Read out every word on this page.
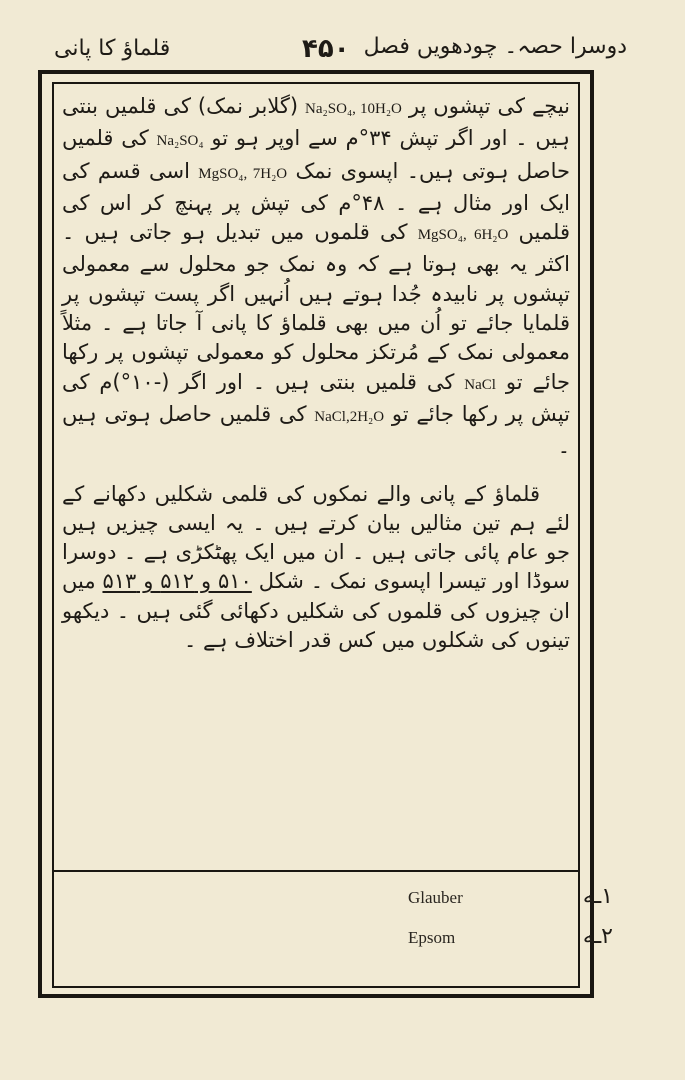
قلماؤ کا پانی	۴۵۰ دوسرا حصہ۔ چودھویں فصل

نیچے کی تپشوں پر Na₂SO₄, 10H₂O (گلابر نمک) کی قلمیں بنتی ہیں ۔ اور اگر تپش ۳۴°م سے اوپر ہو تو Na₂SO₄ کی قلمیں حاصل ہوتی ہیں۔ اپسوی نمک MgSO₄, 7H₂O اسی قسم کی ایک اور مثال ہے ۔ ۴۸°م کی تپش پر پہنچ کر اس کی قلمیں MgSO₄, 6H₂O کی قلموں میں تبدیل ہو جاتی ہیں ۔ اکثر یہ بھی ہوتا ہے کہ وہ نمک جو محلول سے معمولی تپشوں پر نابیدہ جُدا ہوتے ہیں اُنہیں اگر پست تپشوں پر قلمایا جائے تو اُن میں بھی قلماؤ کا پانی آ جاتا ہے ۔ مثلاً معمولی نمک کے مُرتکز محلول کو معمولی تپشوں پر رکھا جائے تو NaCl کی قلمیں بنتی ہیں ۔ اور اگر (-۱۰°)م کی تپش پر رکھا جائے تو NaCl,2H₂O کی قلمیں حاصل ہوتی ہیں ۔

قلماؤ کے پانی والے نمکوں کی قلمی شکلیں دکھانے کے لئے ہم تین مثالیں بیان کرتے ہیں ۔ یہ ایسی چیزیں ہیں جو عام پائی جاتی ہیں ۔ ان میں ایک پھٹکڑی ہے ۔ دوسرا سوڈا اور تیسرا اپسوی نمک ۔ شکل ۵۱۰ و ۵۱۲ و ۵۱۳ میں ان چیزوں کی قلموں کی شکلیں دکھائی گئی ہیں ۔ دیکھو تینوں کی شکلوں میں کس قدر اختلاف ہے ۔

Glauber	۱ـه
Epsom	۲ـه
